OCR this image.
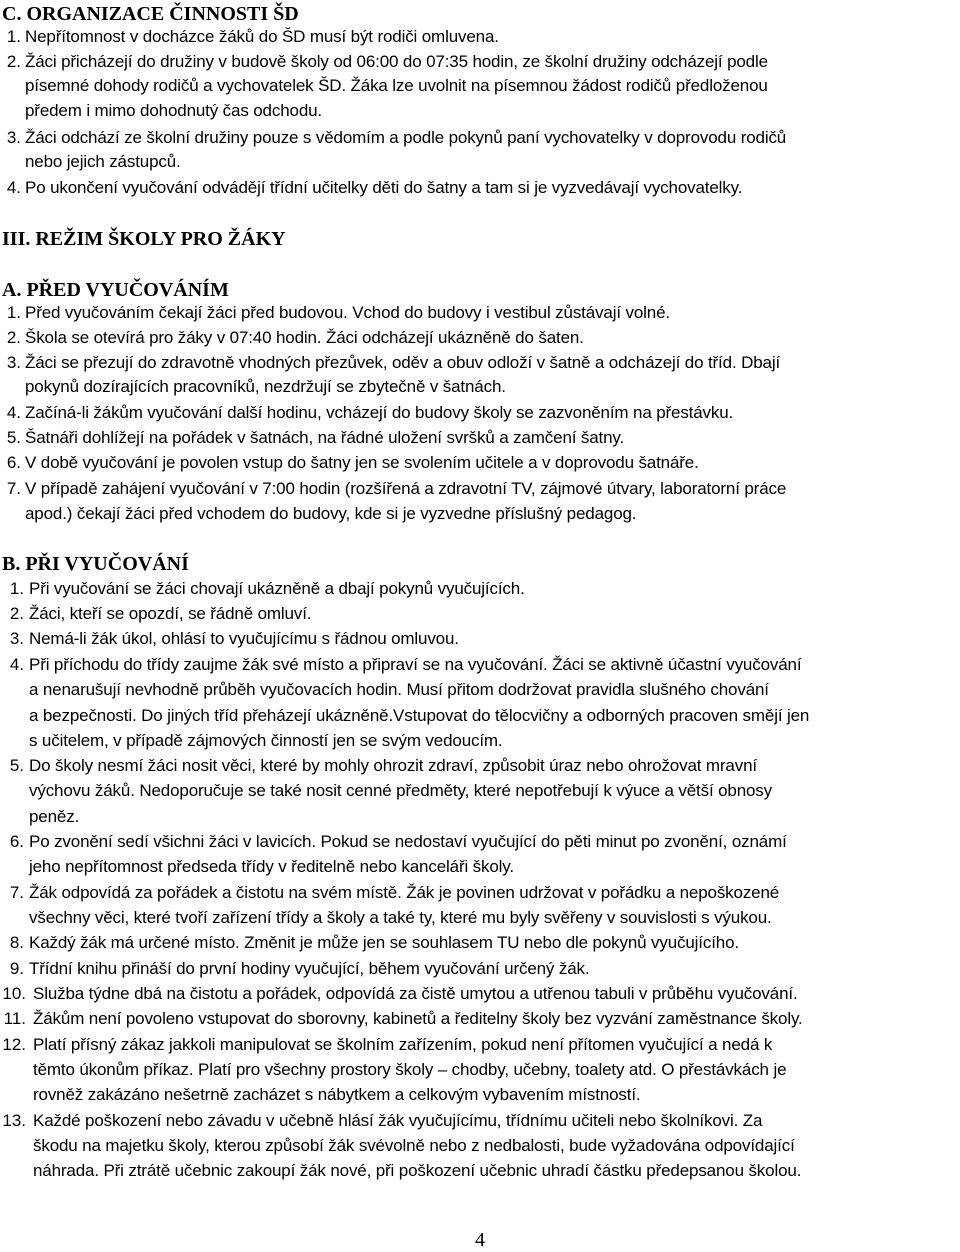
C. ORGANIZACE ČINNOSTI ŠD
1. Nepřítomnost v docházce žáků do ŠD musí být rodiči omluvena.
2. Žáci přicházejí do družiny v budově školy od 06:00 do 07:35 hodin, ze školní družiny odcházejí podle
písemné dohody rodičů a vychovatelek ŠD. Žáka lze uvolnit na písemnou žádost rodičů předloženou
předem i mimo dohodnutý čas odchodu.
3. Žáci odchází ze školní družiny pouze s vědomím a podle pokynů paní vychovatelky v doprovodu rodičů
nebo jejich zástupců.
4. Po ukončení vyučování odvádějí třídní učitelky děti do šatny a tam si je vyzvedávají vychovatelky.
III. REŽIM ŠKOLY PRO ŽÁKY
A. PŘED VYUČOVÁNÍM
1. Před vyučováním čekají žáci před budovou. Vchod do budovy i vestibul zůstávají volné.
2. Škola se otevírá pro žáky v 07:40 hodin. Žáci odcházejí ukázněně do šaten.
3. Žáci se přezují do zdravotně vhodných přezůvek, oděv a obuv odloží v šatně a odcházejí do tříd. Dbají
pokynů dozírajících pracovníků, nezdržují se zbytečně v šatnách.
4. Začíná-li žákům vyučování další hodinu, vcházejí do budovy školy se zazvoněním na přestávku.
5. Šatnáři dohlížejí na pořádek v šatnách, na řádné uložení svršků a zamčení šatny.
6. V době vyučování je povolen vstup do šatny jen se svolením učitele a v doprovodu šatnáře.
7. V případě zahájení vyučování v 7:00 hodin (rozšířená a zdravotní TV, zájmové útvary, laboratorní práce
apod.) čekají žáci před vchodem do budovy, kde si je vyzvedne příslušný pedagog.
B. PŘI VYUČOVÁNÍ
1. Při vyučování se žáci chovají ukázněně a dbají pokynů vyučujících.
2. Žáci, kteří se opozdí, se řádně omluví.
3. Nemá-li žák úkol, ohlásí to vyučujícímu s řádnou omluvou.
4. Při příchodu do třídy zaujme žák své místo a připraví se na vyučování. Žáci se aktivně účastní vyučování
a nenarušují nevhodně průběh vyučovacích hodin. Musí přitom dodržovat pravidla slušného chování
a bezpečnosti. Do jiných tříd přeházejí ukázněně.Vstupovat do tělocvičny a odborných pracoven smějí jen
s učitelem, v případě zájmových činností jen se svým vedoucím.
5. Do školy nesmí žáci nosit věci, které by mohly ohrozit zdraví, způsobit úraz nebo ohrožovat mravní
výchovu žáků. Nedoporučuje se také nosit cenné předměty, které nepotřebují k výuce a větší obnosy
peněz.
6. Po zvonění sedí všichni žáci v lavicích. Pokud se nedostaví vyučující do pěti minut po zvonění, oznámí
jeho nepřítomnost předseda třídy v ředitelně nebo kanceláři školy.
7. Žák odpovídá za pořádek a čistotu na svém místě. Žák je povinen udržovat v pořádku a nepoškozené
všechny věci, které tvoří zařízení třídy a školy a také ty, které mu byly svěřeny v souvislosti s výukou.
8. Každý žák má určené místo. Změnit je může jen se souhlasem TU nebo dle pokynů vyučujícího.
9. Třídní knihu přináší do první hodiny vyučující, během vyučování určený žák.
10. Služba týdne dbá na čistotu a pořádek, odpovídá za čistě umytou a utřenou tabuli v průběhu vyučování.
11. Žákům není povoleno vstupovat do sborovny, kabinetů a ředitelny školy bez vyzvání zaměstnance školy.
12. Platí přísný zákaz jakkoli manipulovat se školním zařízením, pokud není přítomen vyučující a nedá k
těmto úkonům příkaz. Platí pro všechny prostory školy – chodby, učebny, toalety atd. O přestávkách je
rovněž zakázáno nešetrně zacházet s nábytkem a celkovým vybavením místností.
13. Každé poškození nebo závadu v učebně hlásí žák vyučujícímu, třídnímu učiteli nebo školníkovi. Za
škodu na majetku školy, kterou způsobí žák svévolně nebo z nedbalosti, bude vyžadována odpovídající
náhrada. Při ztrátě učebnic zakoupí žák nové, při poškození učebnic uhradí částku předepsanou školou.
4
